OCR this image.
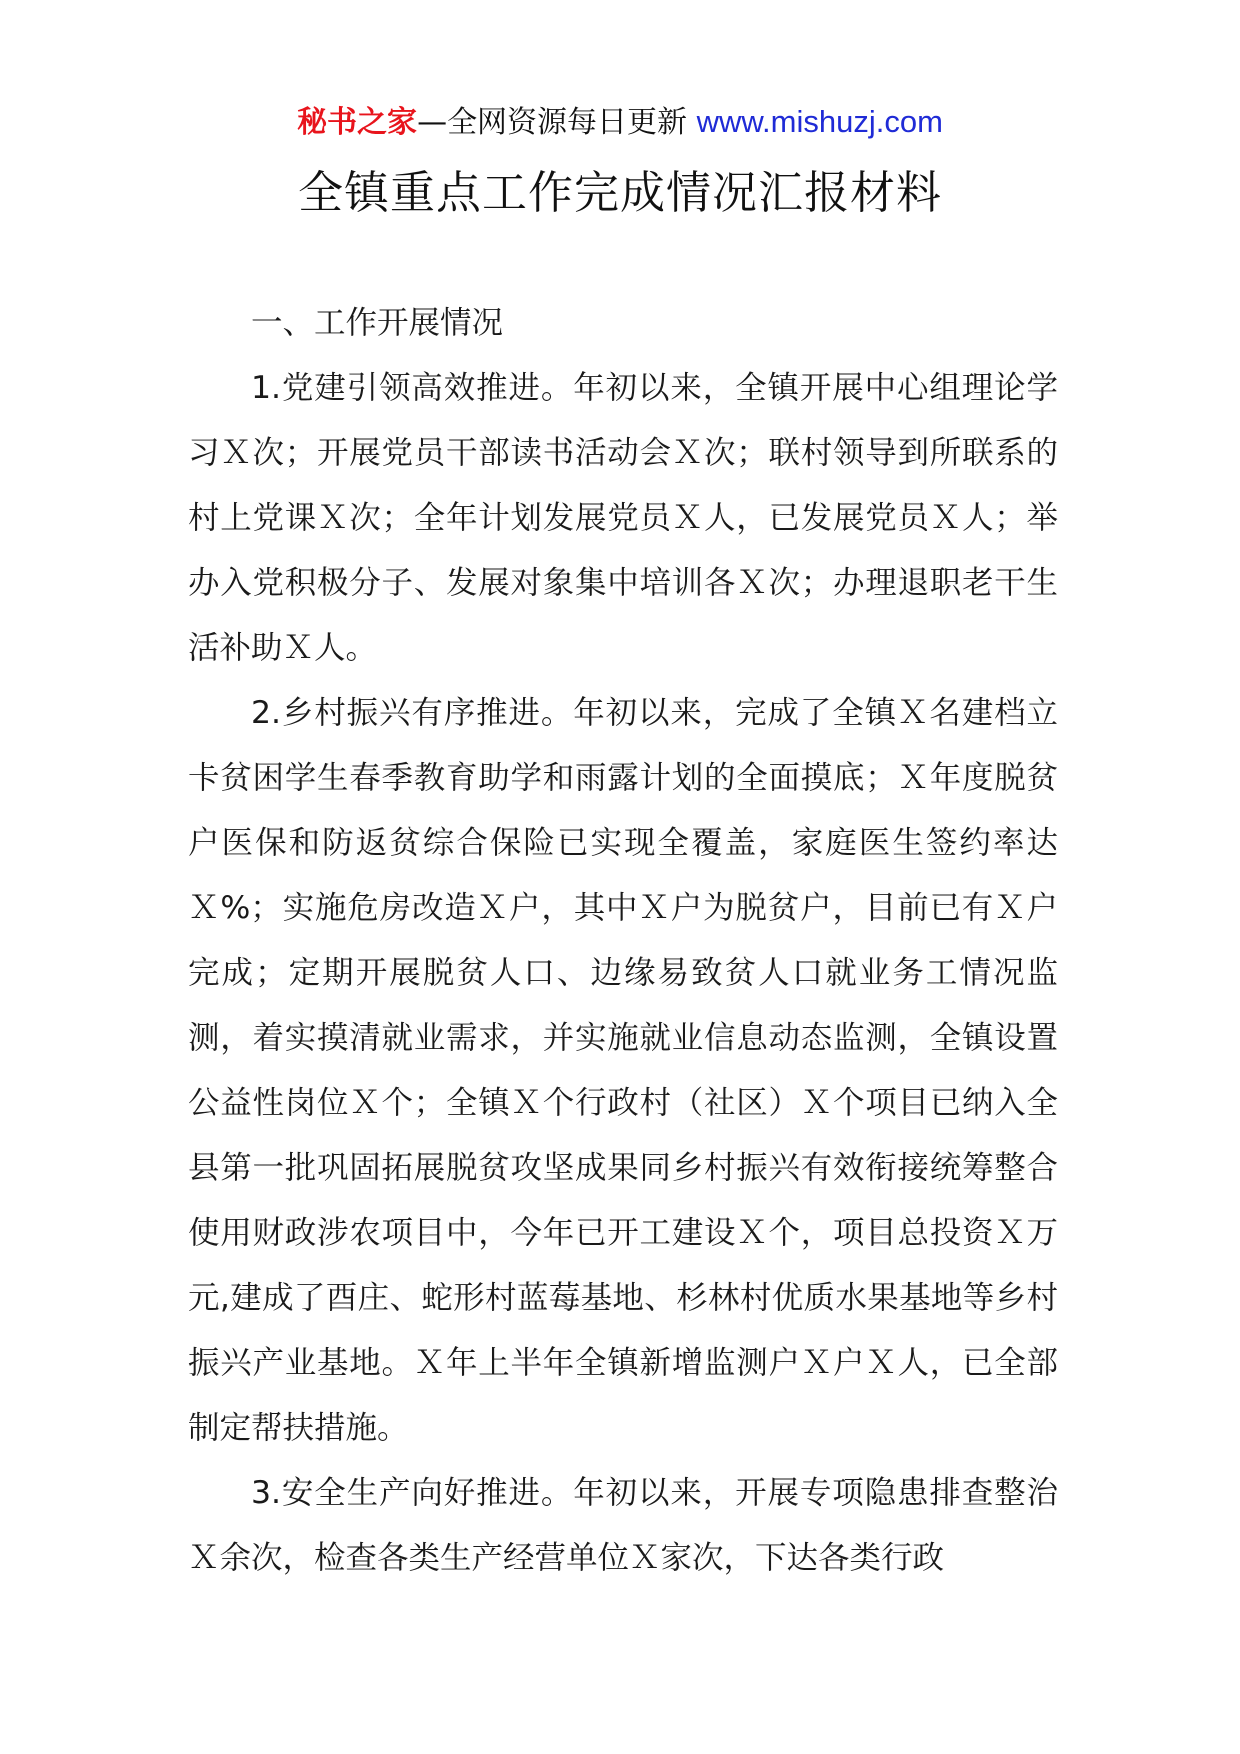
秘书之家—全网资源每日更新 www.mishuzj.com
全镇重点工作完成情况汇报材料

一、工作开展情况

1.党建引领高效推进。年初以来，全镇开展中心组理论学习Ｘ次；开展党员干部读书活动会Ｘ次；联村领导到所联系的村上党课Ｘ次；全年计划发展党员Ｘ人，已发展党员Ｘ人；举办入党积极分子、发展对象集中培训各Ｘ次；办理退职老干生活补助Ｘ人。

2.乡村振兴有序推进。年初以来，完成了全镇Ｘ名建档立卡贫困学生春季教育助学和雨露计划的全面摸底；Ｘ年度脱贫户医保和防返贫综合保险已实现全覆盖，家庭医生签约率达Ｘ%；实施危房改造Ｘ户，其中Ｘ户为脱贫户，目前已有Ｘ户完成；定期开展脱贫人口、边缘易致贫人口就业务工情况监测，着实摸清就业需求，并实施就业信息动态监测，全镇设置公益性岗位Ｘ个；全镇Ｘ个行政村（社区）Ｘ个项目已纳入全县第一批巩固拓展脱贫攻坚成果同乡村振兴有效衔接统筹整合使用财政涉农项目中，今年已开工建设Ｘ个，项目总投资Ｘ万元,建成了酉庄、蛇形村蓝莓基地、杉林村优质水果基地等乡村振兴产业基地。Ｘ年上半年全镇新增监测户Ｘ户Ｘ人，已全部制定帮扶措施。

3.安全生产向好推进。年初以来，开展专项隐患排查整治Ｘ余次，检查各类生产经营单位Ｘ家次，下达各类行政
